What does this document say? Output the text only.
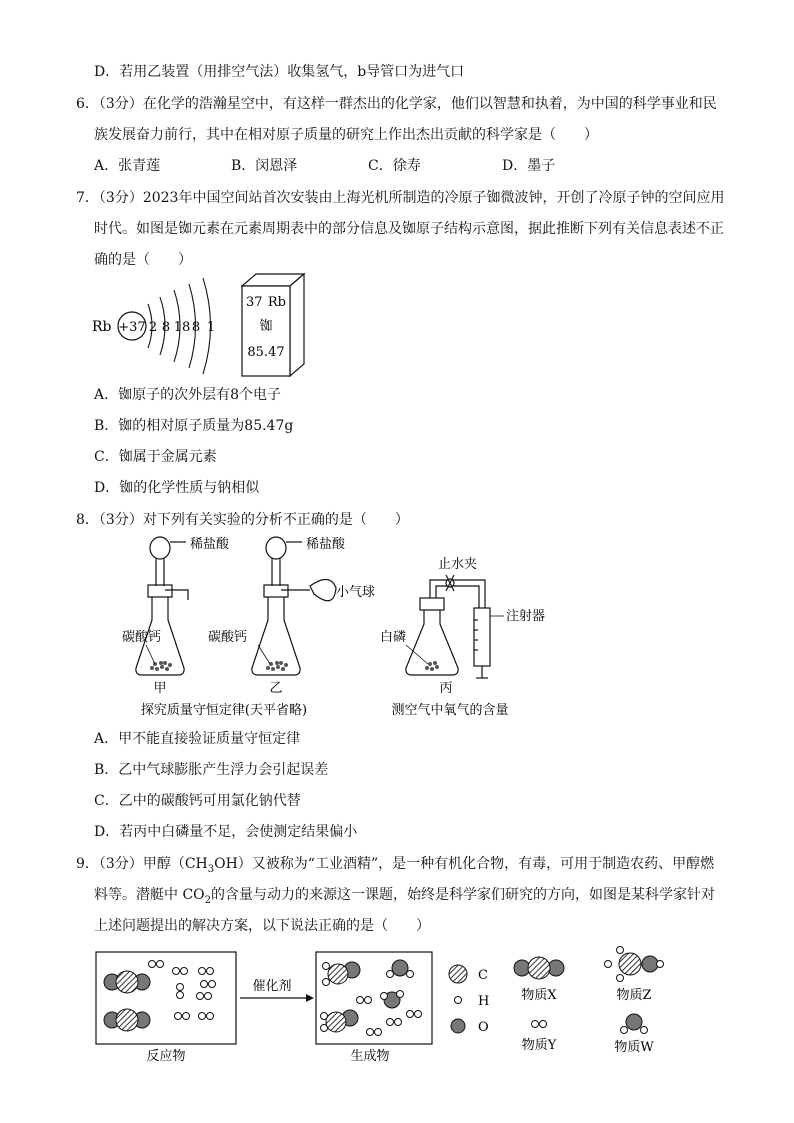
D．若用乙装置（用排空气法）收集氢气，b导管口为进气口
6．（3分）在化学的浩瀚星空中，有这样一群杰出的化学家，他们以智慧和执着，为中国的科学事业和民
族发展奋力前行，其中在相对原子质量的研究上作出杰出贡献的科学家是（　　）
A．张青莲	B．闵恩泽	C．徐寿	D．墨子
7．（3分）2023年中国空间站首次安装由上海光机所制造的冷原子铷微波钟，开创了冷原子钟的空间应用
时代。如图是铷元素在元素周期表中的部分信息及铷原子结构示意图，据此推断下列有关信息表述不正
确的是（　　）
Rb +37 2 8 18 8 1
37 Rb
铷
85.47
A．铷原子的次外层有8个电子
B．铷的相对原子质量为85.47g
C．铷属于金属元素
D．铷的化学性质与钠相似
8．（3分）对下列有关实验的分析不正确的是（　　）
稀盐酸
碳酸钙
甲
稀盐酸
小气球
碳酸钙
乙
止水夹
注射器
白磷
丙
探究质量守恒定律(天平省略)	测空气中氧气的含量
A．甲不能直接验证质量守恒定律
B．乙中气球膨胀产生浮力会引起误差
C．乙中的碳酸钙可用氯化钠代替
D．若丙中白磷量不足，会使测定结果偏小
9．（3分）甲醇$(CH_3OH)$又被称为“工业酒精”，是一种有机化合物，有毒，可用于制造农药、甲醇燃
料等。潜艇中 $CO_2$的含量与动力的来源这一课题，始终是科学家们研究的方向，如图是某科学家针对
上述问题提出的解决方案，以下说法正确的是（　　）
反应物
催化剂
生成物
C
H
O
物质X
物质Y
物质Z
物质W
